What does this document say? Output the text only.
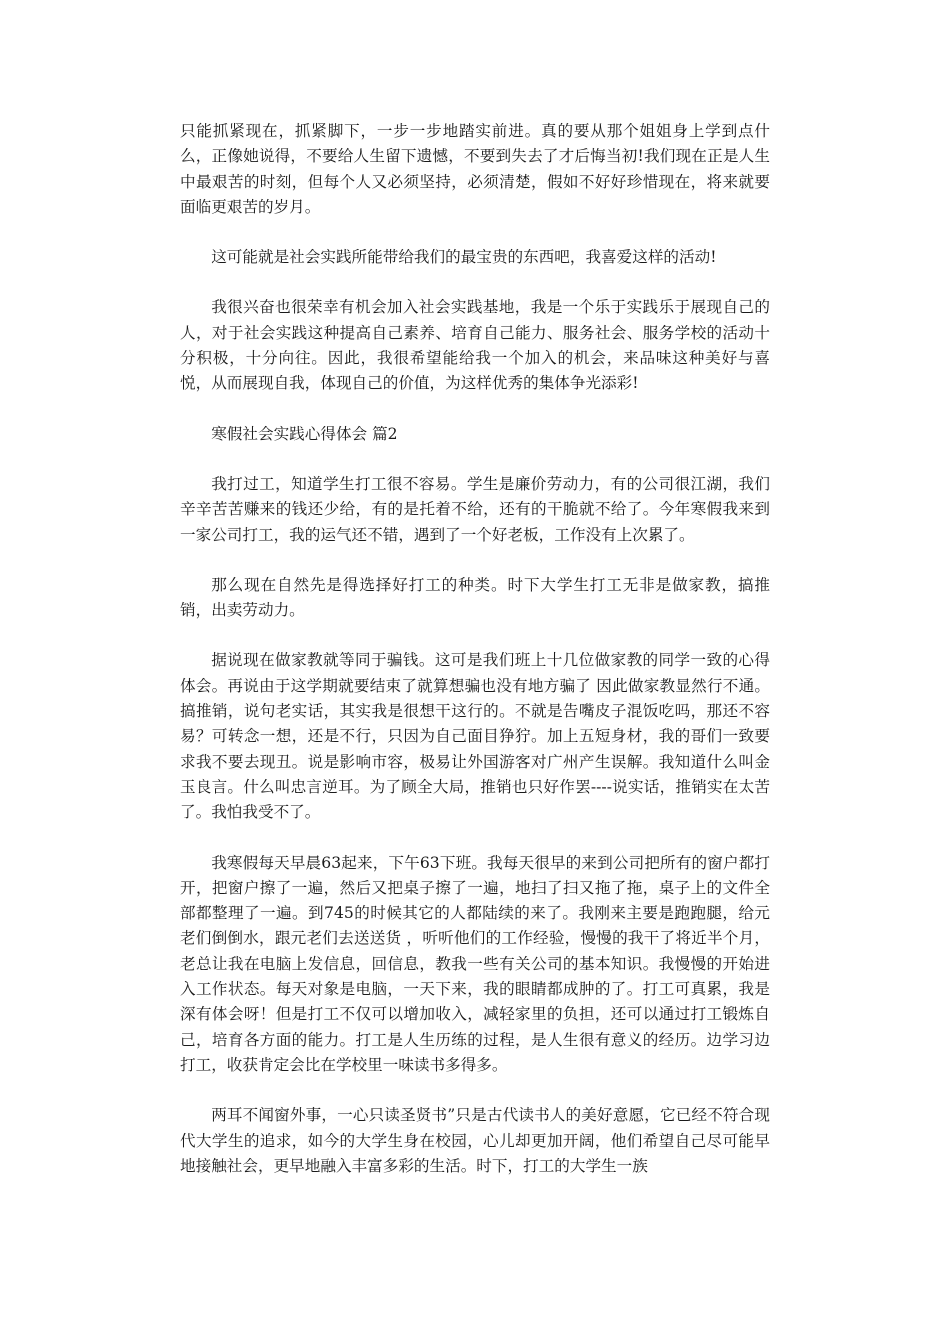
只能抓紧现在，抓紧脚下，一步一步地踏实前进。真的要从那个姐姐身上学到点什么，正像她说得，不要给人生留下遗憾，不要到失去了才后悔当初!我们现在正是人生中最艰苦的时刻，但每个人又必须坚持，必须清楚，假如不好好珍惜现在，将来就要面临更艰苦的岁月。

这可能就是社会实践所能带给我们的最宝贵的东西吧，我喜爱这样的活动!

我很兴奋也很荣幸有机会加入社会实践基地，我是一个乐于实践乐于展现自己的人，对于社会实践这种提高自己素养、培育自己能力、服务社会、服务学校的活动十分积极，十分向往。因此，我很希望能给我一个加入的机会，来品味这种美好与喜悦，从而展现自我，体现自己的价值，为这样优秀的集体争光添彩!

寒假社会实践心得体会 篇2

我打过工，知道学生打工很不容易。学生是廉价劳动力，有的公司很江湖，我们辛辛苦苦赚来的钱还少给，有的是托着不给，还有的干脆就不给了。今年寒假我来到一家公司打工，我的运气还不错，遇到了一个好老板，工作没有上次累了。

那么现在自然先是得选择好打工的种类。时下大学生打工无非是做家教，搞推销，出卖劳动力。

据说现在做家教就等同于骗钱。这可是我们班上十几位做家教的同学一致的心得体会。再说由于这学期就要结束了就算想骗也没有地方骗了 因此做家教显然行不通。搞推销，说句老实话，其实我是很想干这行的。不就是告嘴皮子混饭吃吗，那还不容易？可转念一想，还是不行，只因为自己面目狰狞。加上五短身材，我的哥们一致要求我不要去现丑。说是影响市容，极易让外国游客对广州产生误解。我知道什么叫金玉良言。什么叫忠言逆耳。为了顾全大局，推销也只好作罢----说实话，推销实在太苦了。我怕我受不了。

我寒假每天早晨63起来，下午63下班。我每天很早的来到公司把所有的窗户都打开，把窗户擦了一遍，然后又把桌子擦了一遍，地扫了扫又拖了拖，桌子上的文件全部都整理了一遍。到745的时候其它的人都陆续的来了。我刚来主要是跑跑腿，给元老们倒倒水，跟元老们去送送货 ，听听他们的工作经验，慢慢的我干了将近半个月，老总让我在电脑上发信息，回信息，教我一些有关公司的基本知识。我慢慢的开始进入工作状态。每天对象是电脑，一天下来，我的眼睛都成肿的了。打工可真累，我是深有体会呀！但是打工不仅可以增加收入，减轻家里的负担，还可以通过打工锻炼自己，培育各方面的能力。打工是人生历练的过程，是人生很有意义的经历。边学习边打工，收获肯定会比在学校里一味读书多得多。

两耳不闻窗外事，一心只读圣贤书”只是古代读书人的美好意愿，它已经不符合现代大学生的追求，如今的大学生身在校园，心儿却更加开阔，他们希望自己尽可能早地接触社会，更早地融入丰富多彩的生活。时下，打工的大学生一族
